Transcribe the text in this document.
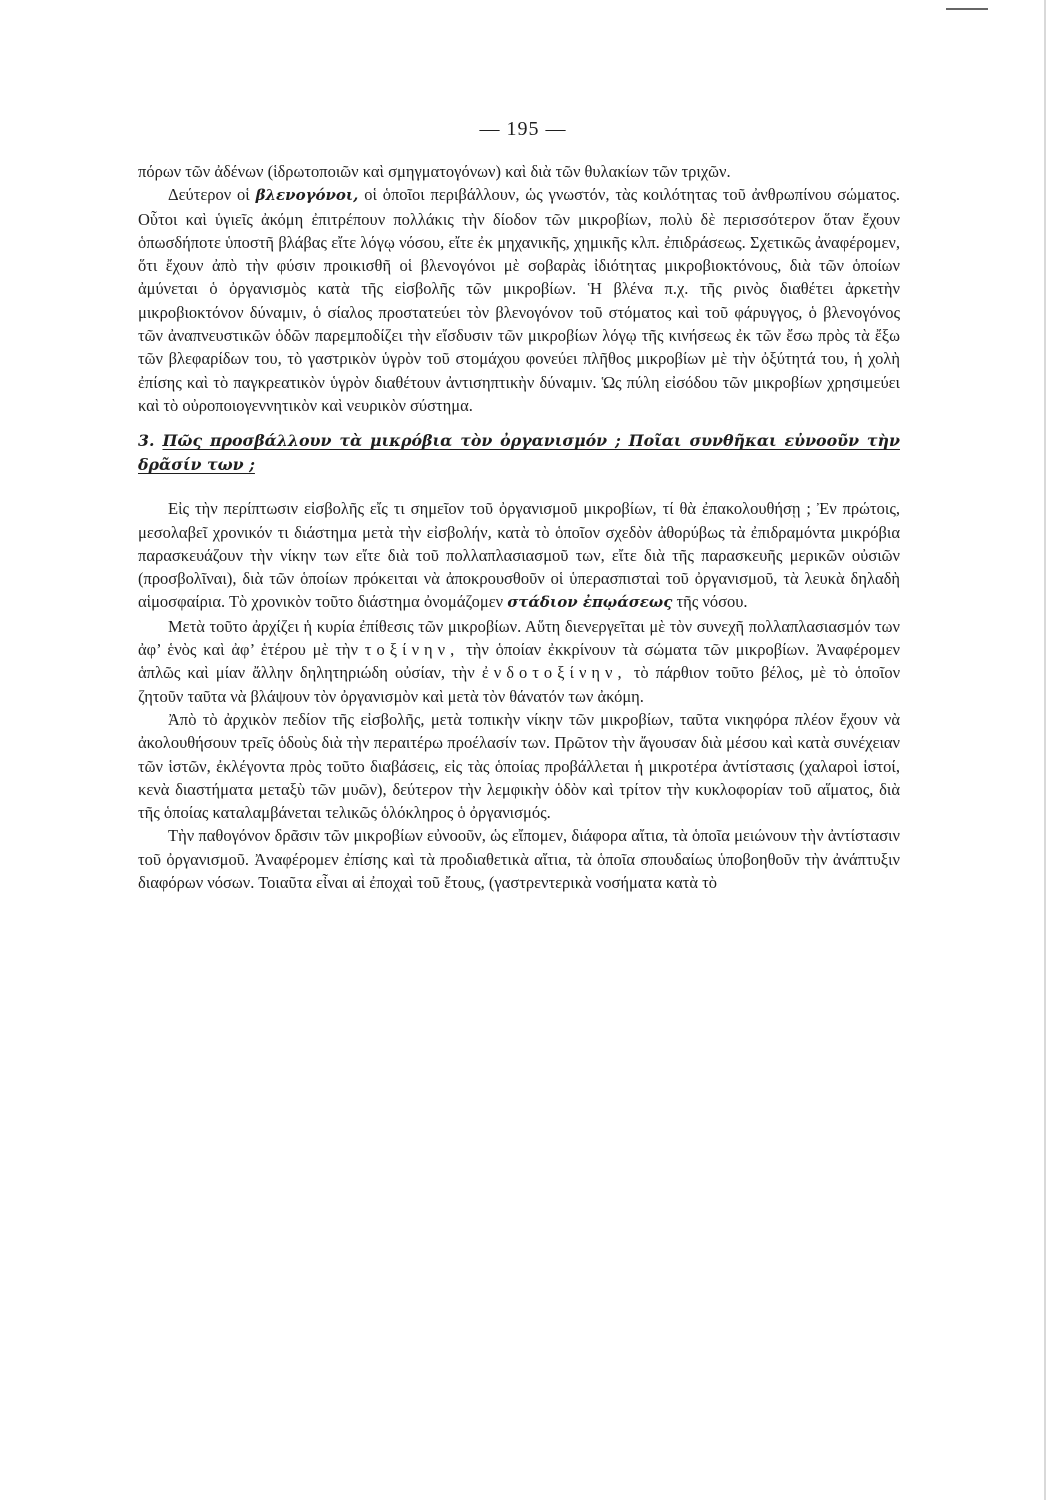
— 195 —

πόρων τῶν ἀδένων (ἱδρωτοποιῶν καὶ σμηγματογόνων) καὶ διὰ τῶν θυλακίων τῶν τριχῶν.

Δεύτερον οἱ βλενογόνοι, οἱ ὁποῖοι περιβάλλουν, ὡς γνωστόν, τὰς κοιλότητας τοῦ ἀνθρωπίνου σώματος. Οὗτοι καὶ ὑγιεῖς ἀκόμη ἐπιτρέπουν πολλάκις τὴν δίοδον τῶν μικροβίων, πολὺ δὲ περισσότερον ὅταν ἔχουν ὁπωσδήποτε ὑποστῆ βλάβας εἴτε λόγῳ νόσου, εἴτε ἐκ μηχανικῆς, χημικῆς κλπ. ἐπιδράσεως. Σχετικῶς ἀναφέρομεν, ὅτι ἔχουν ἀπὸ τὴν φύσιν προικισθῆ οἱ βλενογόνοι μὲ σοβαρὰς ἰδιότητας μικροβιοκτόνους, διὰ τῶν ὁποίων ἀμύνεται ὁ ὀργανισμὸς κατὰ τῆς εἰσβολῆς τῶν μικροβίων. Ἡ βλένα π.χ. τῆς ρινὸς διαθέτει ἀρκετὴν μικροβιοκτόνον δύναμιν, ὁ σίαλος προστατεύει τὸν βλενογόνον τοῦ στόματος καὶ τοῦ φάρυγγος, ὁ βλενογόνος τῶν ἀναπνευστικῶν ὁδῶν παρεμποδίζει τὴν εἴσδυσιν τῶν μικροβίων λόγῳ τῆς κινήσεως ἐκ τῶν ἔσω πρὸς τὰ ἔξω τῶν βλεφαρίδων του, τὸ γαστρικὸν ὑγρὸν τοῦ στομάχου φονεύει πλῆθος μικροβίων μὲ τὴν ὀξύτητά του, ἡ χολὴ ἐπίσης καὶ τὸ παγκρεατικὸν ὑγρὸν διαθέτουν ἀντισηπτικὴν δύναμιν. Ὡς πύλη εἰσόδου τῶν μικροβίων χρησιμεύει καὶ τὸ οὐροποιογεννητικὸν καὶ νευρικὸν σύστημα.

3. Πῶς προσβάλλουν τὰ μικρόβια τὸν ὀργανισμόν ; Ποῖαι συνθῆκαι εὐνοοῦν τὴν δρᾶσίν των ;

Εἰς τὴν περίπτωσιν εἰσβολῆς εἴς τι σημεῖον τοῦ ὀργανισμοῦ μικροβίων, τί θὰ ἐπακολουθήσῃ ; Ἐν πρώτοις, μεσολαβεῖ χρονικόν τι διάστημα μετὰ τὴν εἰσβολήν, κατὰ τὸ ὁποῖον σχεδὸν ἀθορύβως τὰ ἐπιδραμόντα μικρόβια παρασκευάζουν τὴν νίκην των εἴτε διὰ τοῦ πολλαπλασιασμοῦ των, εἴτε διὰ τῆς παρασκευῆς μερικῶν οὐσιῶν (προσβολῖναι), διὰ τῶν ὁποίων πρόκειται νὰ ἀποκρουσθοῦν οἱ ὑπερασπισταὶ τοῦ ὀργανισμοῦ, τὰ λευκὰ δηλαδὴ αἱμοσφαίρια. Τὸ χρονικὸν τοῦτο διάστημα ὀνομάζομεν στάδιον ἐπῳάσεως τῆς νόσου.

Μετὰ τοῦτο ἀρχίζει ἡ κυρία ἐπίθεσις τῶν μικροβίων. Αὕτη διενεργεῖται μὲ τὸν συνεχῆ πολλαπλασιασμόν των ἀφ’ ἑνὸς καὶ ἀφ’ ἑτέρου μὲ τὴν τοξίνην, τὴν ὁποίαν ἐκκρίνουν τὰ σώματα τῶν μικροβίων. Ἀναφέρομεν ἁπλῶς καὶ μίαν ἄλλην δηλητηριώδη οὐσίαν, τὴν ἐνδοτοξίνην, τὸ πάρθιον τοῦτο βέλος, μὲ τὸ ὁποῖον ζητοῦν ταῦτα νὰ βλάψουν τὸν ὀργανισμὸν καὶ μετὰ τὸν θάνατόν των ἀκόμη.

Ἀπὸ τὸ ἀρχικὸν πεδίον τῆς εἰσβολῆς, μετὰ τοπικὴν νίκην τῶν μικροβίων, ταῦτα νικηφόρα πλέον ἔχουν νὰ ἀκολουθήσουν τρεῖς ὁδοὺς διὰ τὴν περαιτέρω προέλασίν των. Πρῶτον τὴν ἄγουσαν διὰ μέσου καὶ κατὰ συνέχειαν τῶν ἱστῶν, ἐκλέγοντα πρὸς τοῦτο διαβάσεις, εἰς τὰς ὁποίας προβάλλεται ἡ μικροτέρα ἀντίστασις (χαλαροὶ ἱστοί, κενὰ διαστήματα μεταξὺ τῶν μυῶν), δεύτερον τὴν λεμφικὴν ὁδὸν καὶ τρίτον τὴν κυκλοφορίαν τοῦ αἵματος, διὰ τῆς ὁποίας καταλαμβάνεται τελικῶς ὁλόκληρος ὁ ὀργανισμός.

Τὴν παθογόνον δρᾶσιν τῶν μικροβίων εὐνοοῦν, ὡς εἴπομεν, διάφορα αἴτια, τὰ ὁποῖα μειώνουν τὴν ἀντίστασιν τοῦ ὀργανισμοῦ. Ἀναφέρομεν ἐπίσης καὶ τὰ προδιαθετικὰ αἴτια, τὰ ὁποῖα σπουδαίως ὑποβοηθοῦν τὴν ἀνάπτυξιν διαφόρων νόσων. Τοιαῦτα εἶναι αἱ ἐποχαὶ τοῦ ἔτους, (γαστρεντερικὰ νοσήματα κατὰ τὸ
